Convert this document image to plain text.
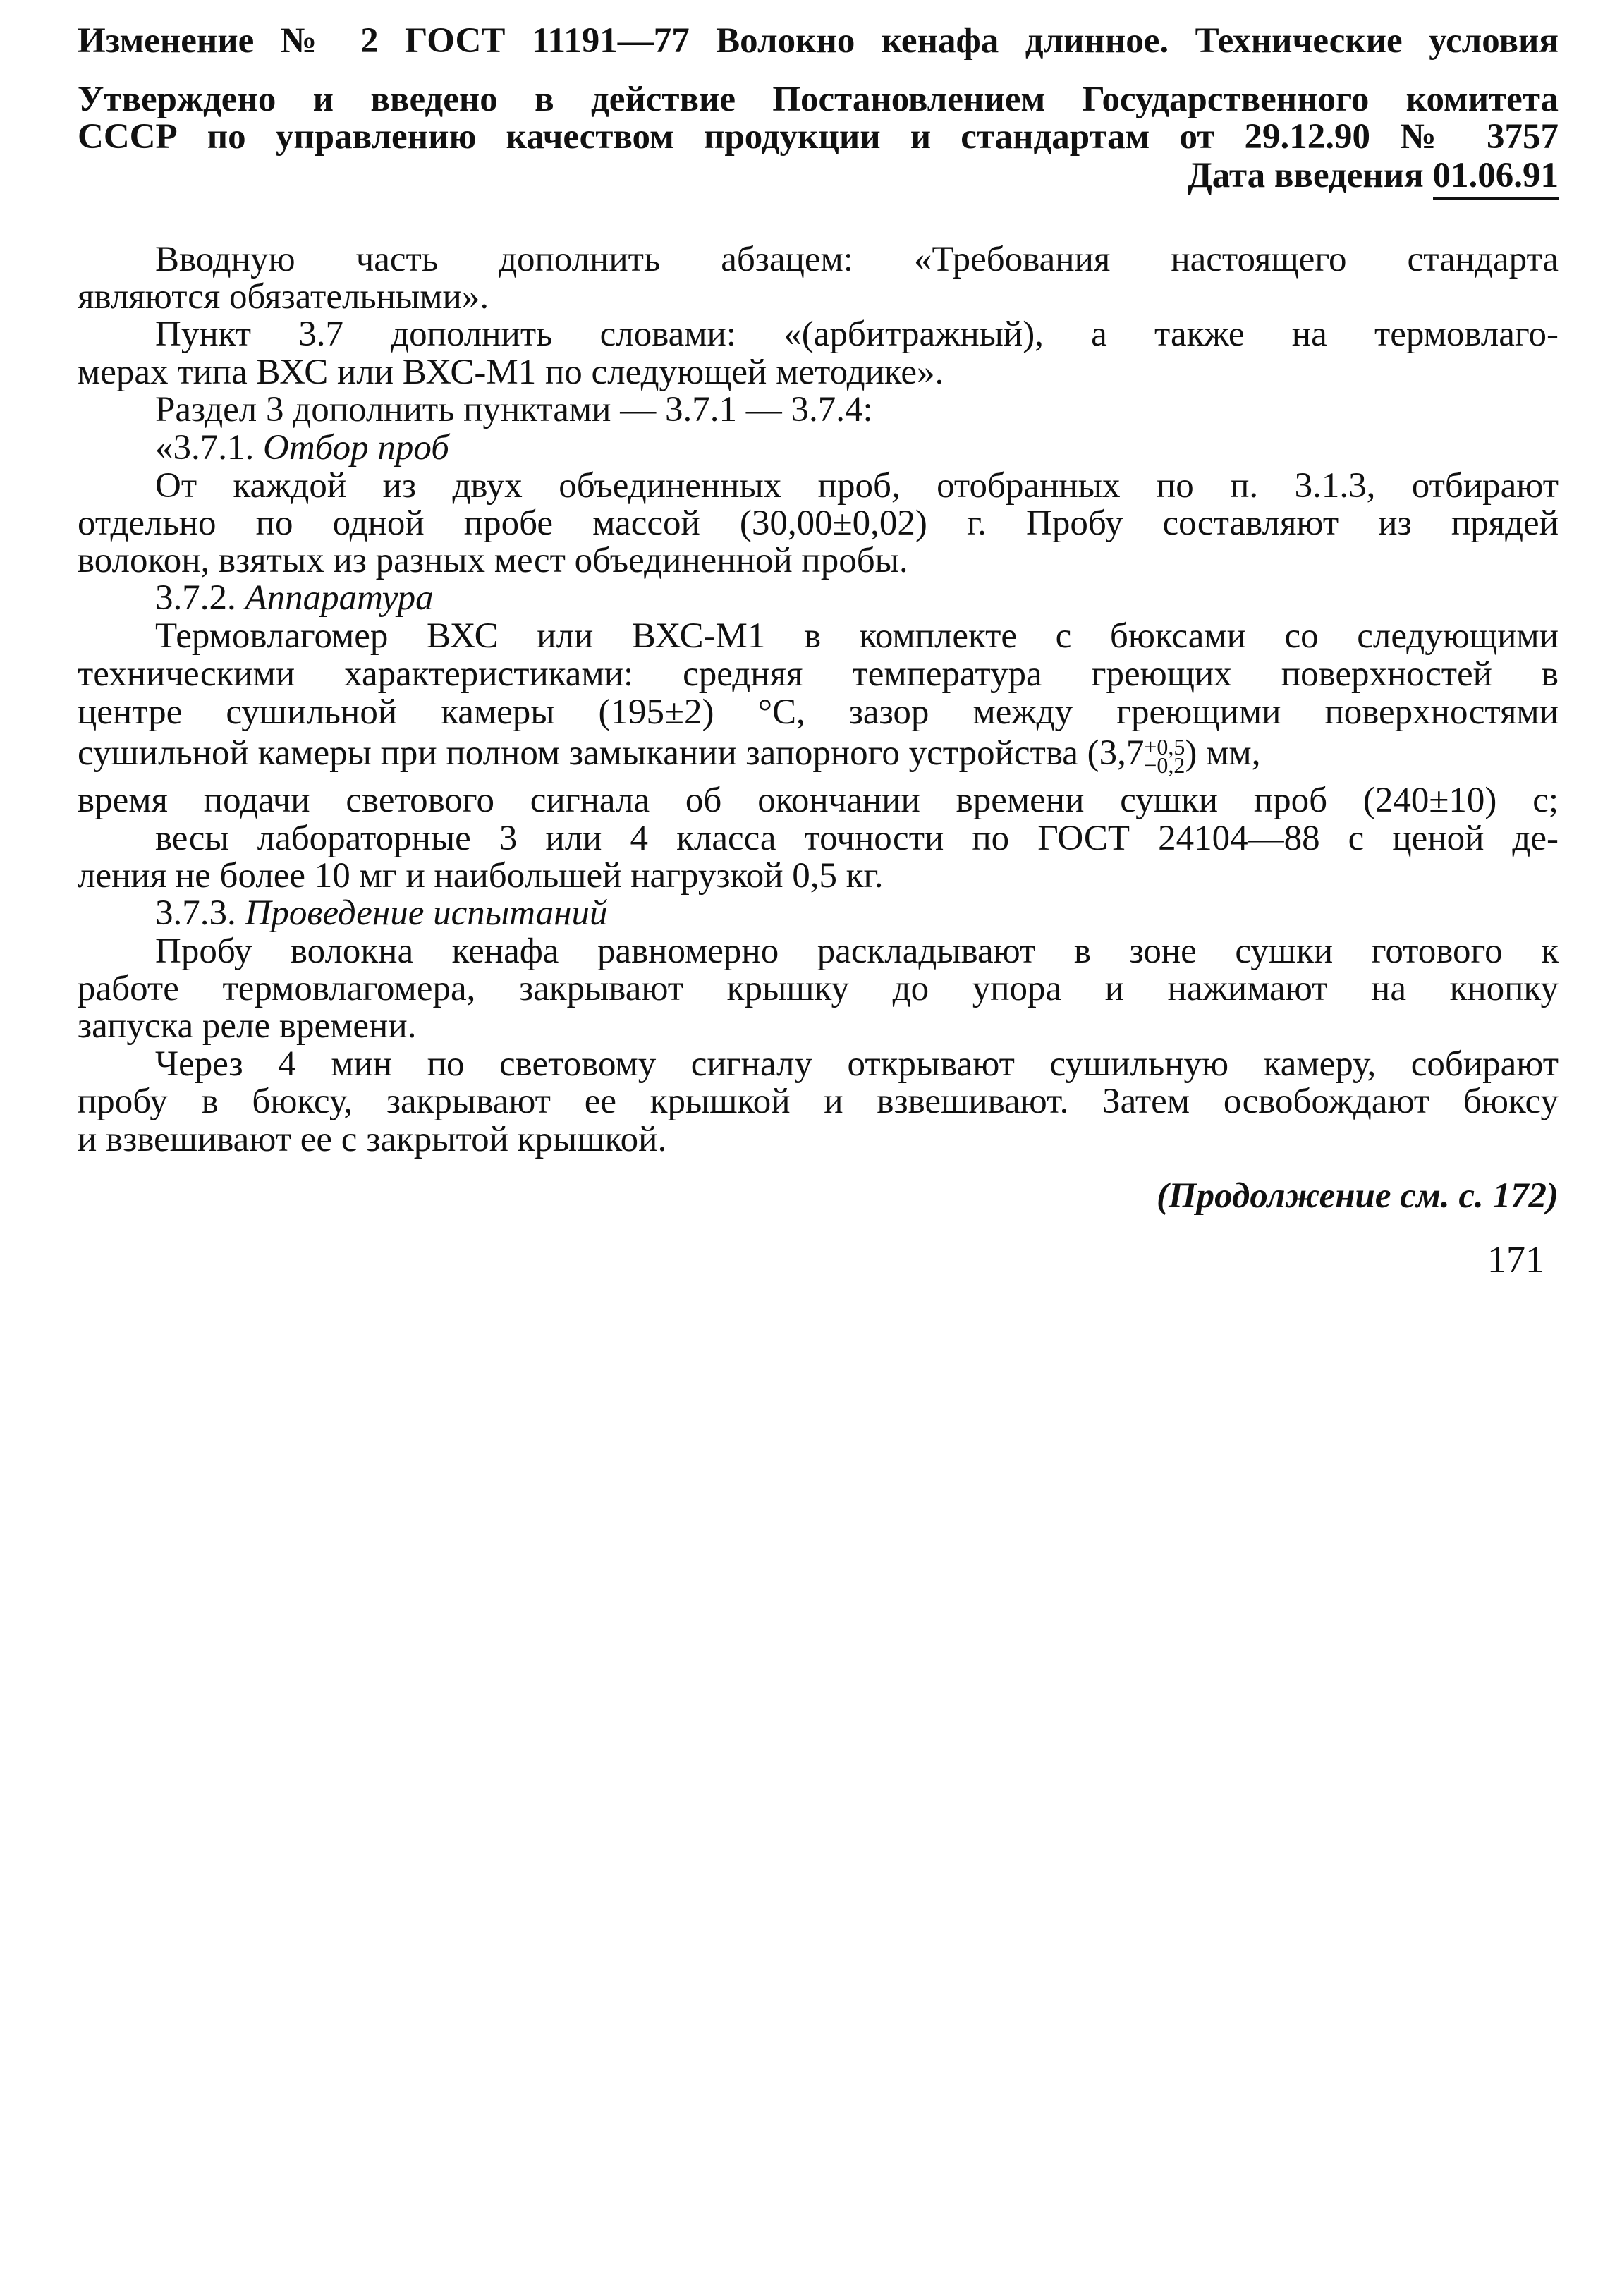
Изменение № 2 ГОСТ 11191—77 Волокно кенафа длинное. Технические условия
Утверждено и введено в действие Постановлением Государственного комитета
СССР по управлению качеством продукции и стандартам от 29.12.90 № 3757
Дата введения 01.06.91
Вводную часть дополнить абзацем: «Требования настоящего стандарта
являются обязательными».
Пункт 3.7 дополнить словами: «(арбитражный), а также на термовлаго-
мерах типа ВХС или ВХС-М1 по следующей методике».
Раздел 3 дополнить пунктами — 3.7.1 — 3.7.4:
«3.7.1. Отбор проб
От каждой из двух объединенных проб, отобранных по п. 3.1.3, отбирают
отдельно по одной пробе массой (30,00±0,02) г. Пробу составляют из прядей
волокон, взятых из разных мест объединенной пробы.
3.7.2. Аппаратура
Термовлагомер ВХС или ВХС-М1 в комплекте с бюксами со следующими
техническими характеристиками: средняя температура греющих поверхностей в
центре сушильной камеры (195±2) °С, зазор между греющими поверхностями
сушильной камеры при полном замыкании запорного устройства (3,7 +0,5
−0,2 ) мм,
время подачи светового сигнала об окончании времени сушки проб (240±10) с;
весы лабораторные 3 или 4 класса точности по ГОСТ 24104—88 с ценой де-
ления не более 10 мг и наибольшей нагрузкой 0,5 кг.
3.7.3. Проведение испытаний
Пробу волокна кенафа равномерно раскладывают в зоне сушки готового к
работе термовлагомера, закрывают крышку до упора и нажимают на кнопку
запуска реле времени.
Через 4 мин по световому сигналу открывают сушильную камеру, собирают
пробу в бюксу, закрывают ее крышкой и взвешивают. Затем освобождают бюксу
и взвешивают ее с закрытой крышкой.
(Продолжение см. с. 172)
171
